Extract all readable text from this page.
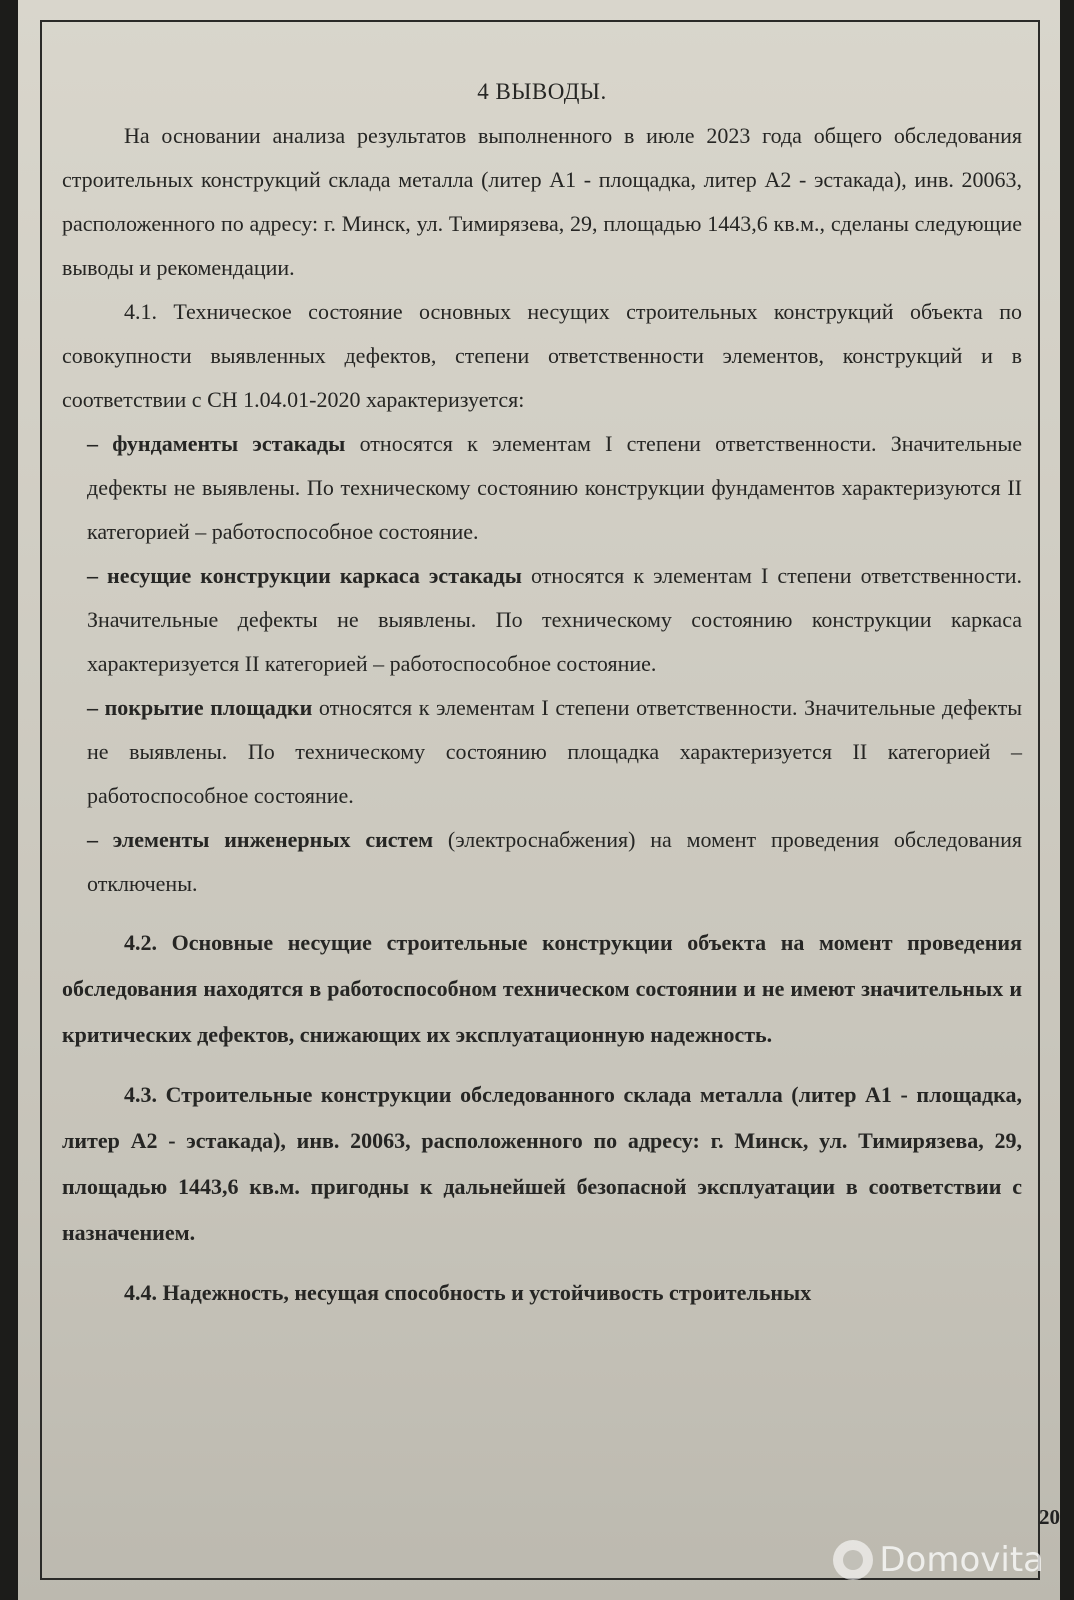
4 ВЫВОДЫ.

На основании анализа результатов выполненного в июле 2023 года общего обследования строительных конструкций склада металла (литер А1 - площадка, литер А2 - эстакада), инв. 20063, расположенного по адресу: г. Минск, ул. Тимирязева, 29, площадью 1443,6 кв.м., сделаны следующие выводы и рекомендации.

4.1. Техническое состояние основных несущих строительных конструкций объекта по совокупности выявленных дефектов, степени ответственности элементов, конструкций и в соответствии с СН 1.04.01-2020 характеризуется:

– фундаменты эстакады относятся к элементам I степени ответственности. Значительные дефекты не выявлены. По техническому состоянию конструкции фундаментов характеризуются II категорией – работоспособное состояние.

– несущие конструкции каркаса эстакады относятся к элементам I степени ответственности. Значительные дефекты не выявлены. По техническому состоянию конструкции каркаса характеризуется II категорией – работоспособное состояние.

– покрытие площадки относятся к элементам I степени ответственности. Значительные дефекты не выявлены. По техническому состоянию площадка характеризуется II категорией – работоспособное состояние.

– элементы инженерных систем (электроснабжения) на момент проведения обследования отключены.

4.2. Основные несущие строительные конструкции объекта на момент проведения обследования находятся в работоспособном техническом состоянии и не имеют значительных и критических дефектов, снижающих их эксплуатационную надежность.

4.3. Строительные конструкции обследованного склада металла (литер А1 - площадка, литер А2 - эстакада), инв. 20063, расположенного по адресу: г. Минск, ул. Тимирязева, 29, площадью 1443,6 кв.м. пригодны к дальнейшей безопасной эксплуатации в соответствии с назначением.

4.4. Надежность, несущая способность и устойчивость строительных

20
Domovita
